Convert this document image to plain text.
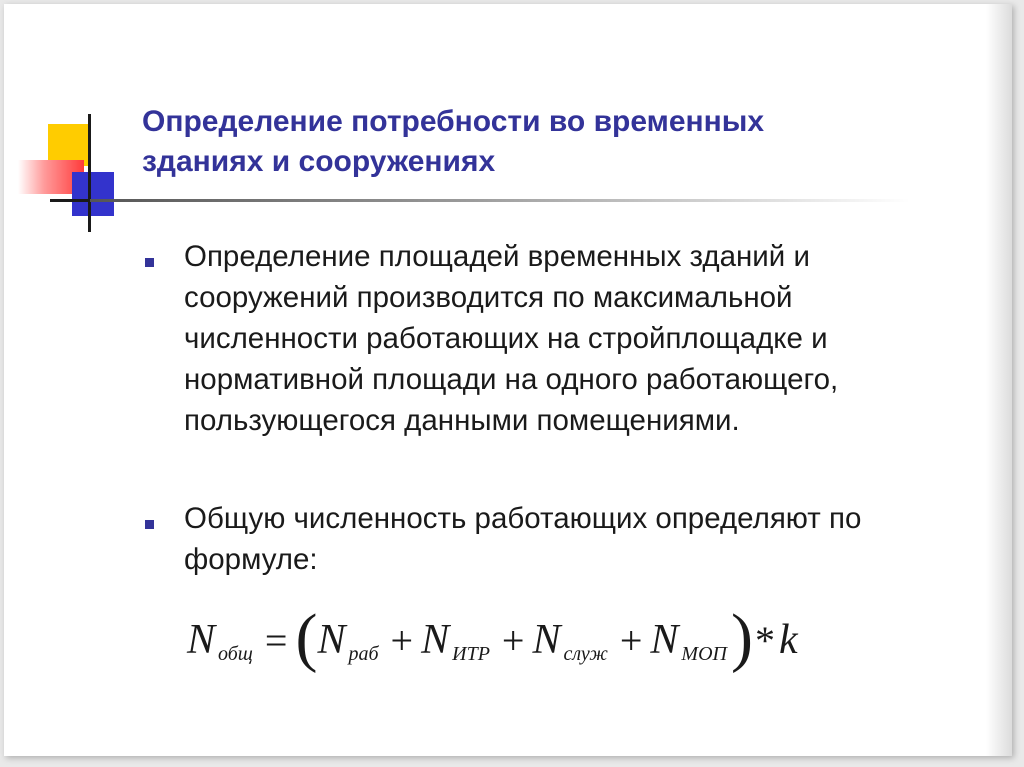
Определение потребности во временных
зданиях и сооружениях
Определение площадей временных зданий и
сооружений производится по максимальной
численности работающих на стройплощадке и
нормативной площади на одного работающего,
пользующегося данными помещениями.
Общую численность работающих определяют по
формуле:
N общ = ( N раб + N ИТР + N служ + N МОП ) * k
